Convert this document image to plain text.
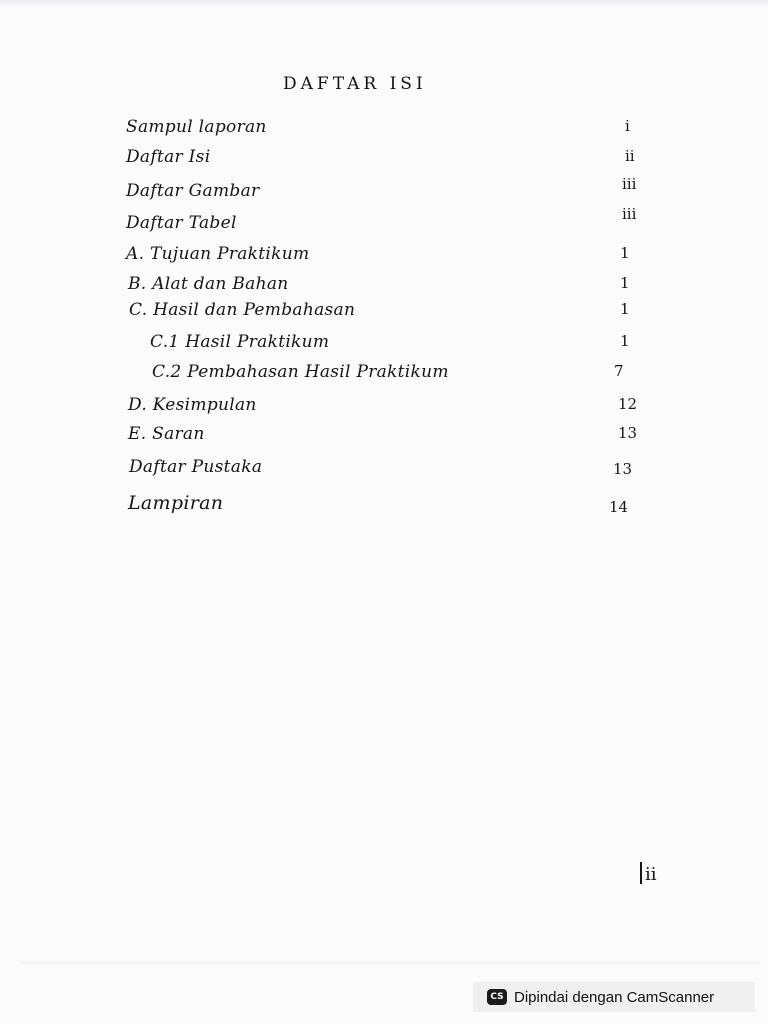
DAFTAR ISI
Sampul laporan	i
Daftar Isi	ii
Daftar Gambar	iii
Daftar Tabel	iii
A. Tujuan Praktikum	1
B. Alat dan Bahan	1
C. Hasil dan Pembahasan	1
C.1 Hasil Praktikum	1
C.2 Pembahasan Hasil Praktikum	7
D. Kesimpulan	12
E. Saran	13
Daftar Pustaka	13
Lampiran	14
ii
CS Dipindai dengan CamScanner
